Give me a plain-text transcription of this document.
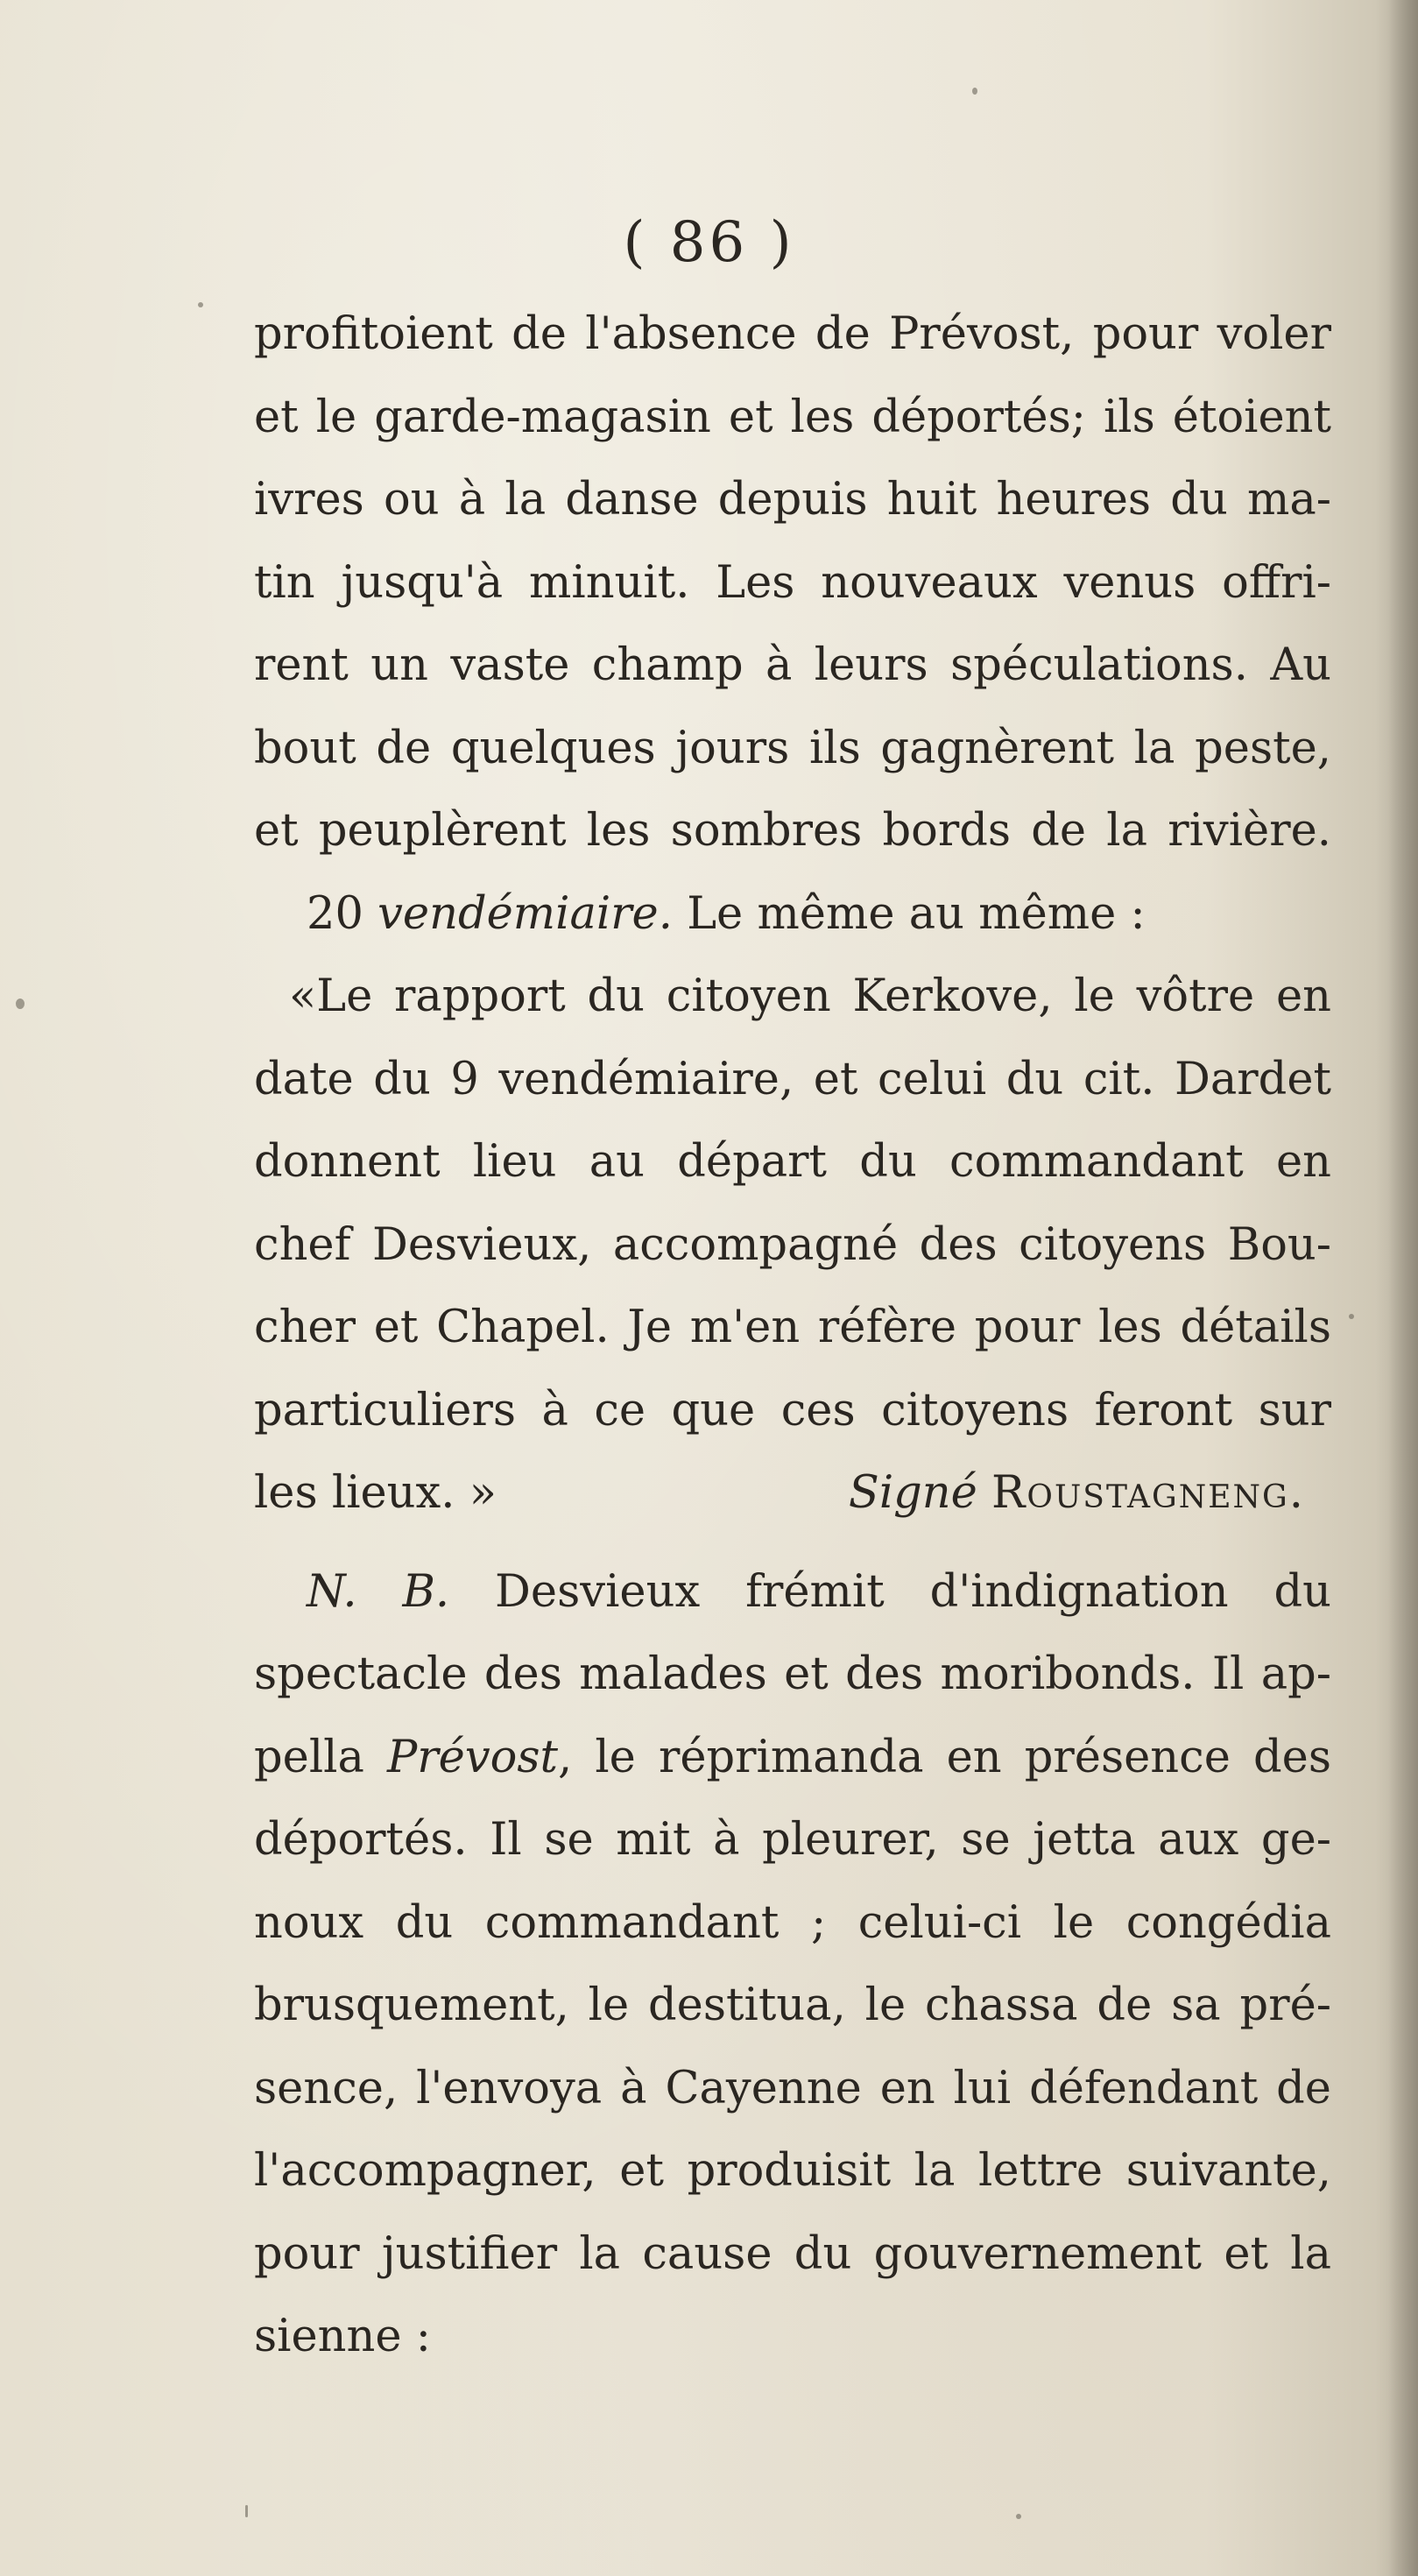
( 86 )
profitoient de l'absence de Prévost, pour voler
et le garde-magasin et les déportés; ils étoient
ivres ou à la danse depuis huit heures du ma-
tin jusqu'à minuit. Les nouveaux venus offri-
rent un vaste champ à leurs spéculations. Au
bout de quelques jours ils gagnèrent la peste,
et peuplèrent les sombres bords de la rivière.
20 vendémiaire. Le même au même :
«Le rapport du citoyen Kerkove, le vôtre en
date du 9 vendémiaire, et celui du cit. Dardet
donnent lieu au départ du commandant en
chef Desvieux, accompagné des citoyens Bou-
cher et Chapel. Je m'en réfère pour les détails
particuliers à ce que ces citoyens feront sur
les lieux. »	Signé Roustagneng.
N. B. Desvieux frémit d'indignation du
spectacle des malades et des moribonds. Il ap-
pella Prévost, le réprimanda en présence des
déportés. Il se mit à pleurer, se jetta aux ge-
noux du commandant ; celui-ci le congédia
brusquement, le destitua, le chassa de sa pré-
sence, l'envoya à Cayenne en lui défendant de
l'accompagner, et produisit la lettre suivante,
pour justifier la cause du gouvernement et la
sienne :
